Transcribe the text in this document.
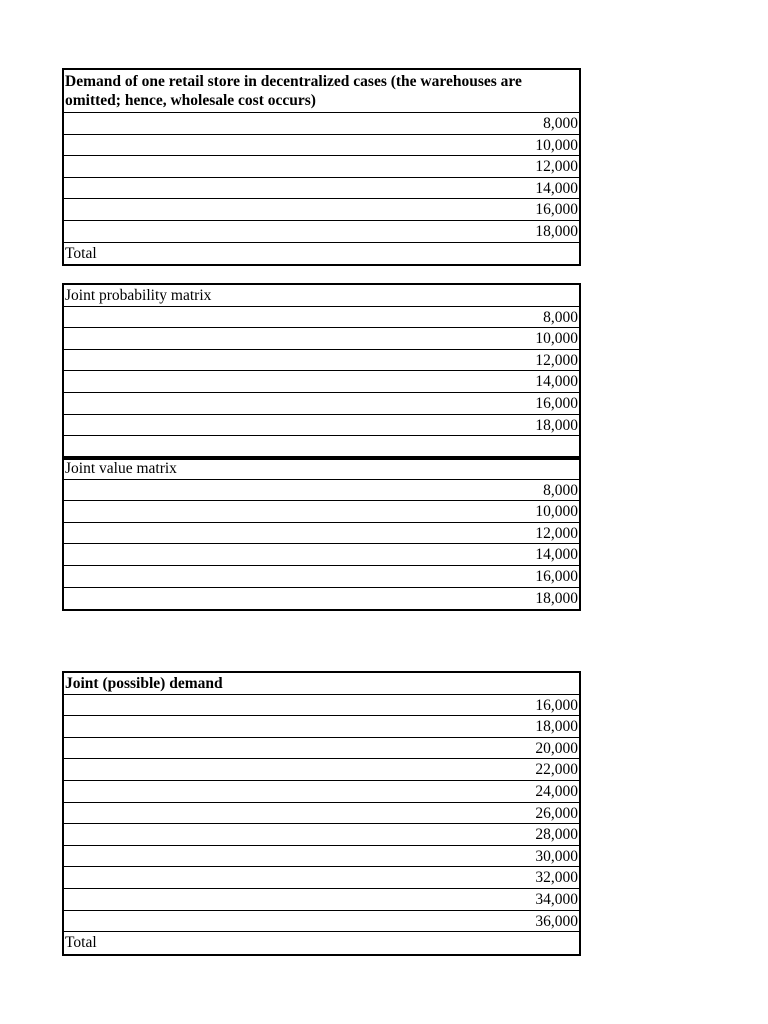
Demand of one retail store in decentralized cases (the warehouses are omitted; hence, wholesale cost occurs)
8,000
10,000
12,000
14,000
16,000
18,000
Total
Joint probability matrix
8,000
10,000
12,000
14,000
16,000
18,000
Joint value matrix
8,000
10,000
12,000
14,000
16,000
18,000
Joint (possible) demand
16,000
18,000
20,000
22,000
24,000
26,000
28,000
30,000
32,000
34,000
36,000
Total
